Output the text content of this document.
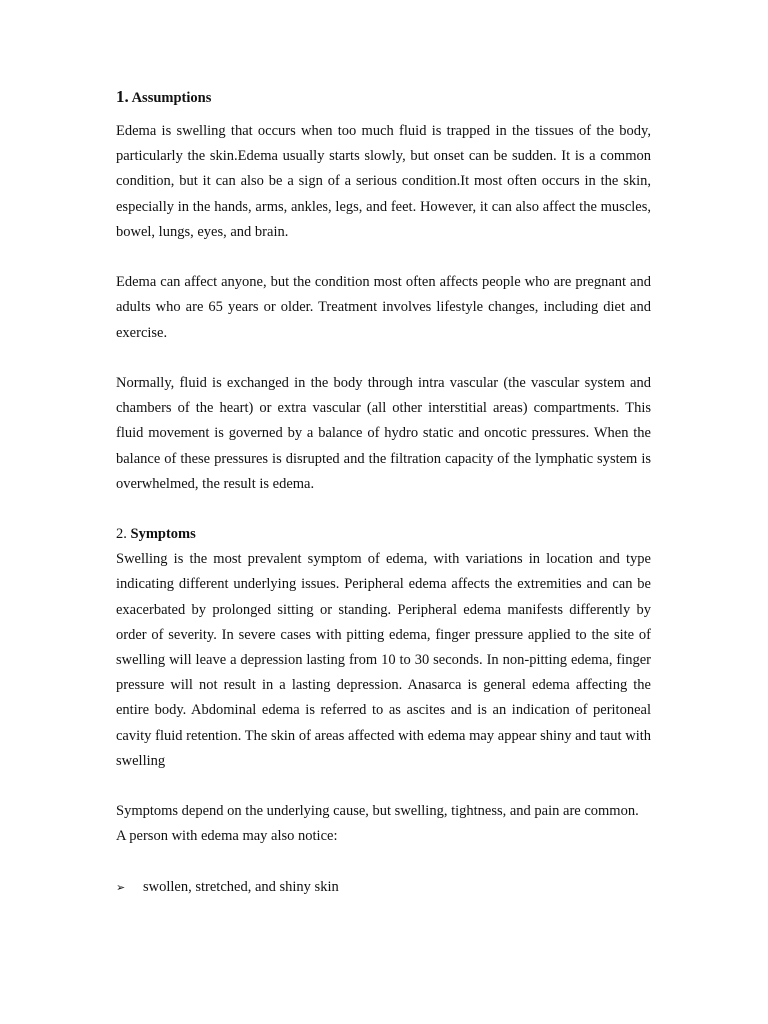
1. Assumptions

Edema is swelling that occurs when too much fluid is trapped in the tissues of the body, particularly the skin.Edema usually starts slowly, but onset can be sudden. It is a common condition, but it can also be a sign of a serious condition.It most often occurs in the skin, especially in the hands, arms, ankles, legs, and feet. However, it can also affect the muscles, bowel, lungs, eyes, and brain.

Edema can affect anyone, but the condition most often affects people who are pregnant and adults who are 65 years or older. Treatment involves lifestyle changes, including diet and exercise.

Normally, fluid is exchanged in the body through intra vascular (the vascular system and chambers of the heart) or extra vascular (all other interstitial areas) compartments. This fluid movement is governed by a balance of hydro static and oncotic pressures. When the balance of these pressures is disrupted and the filtration capacity of the lymphatic system is overwhelmed, the result is edema.

2. Symptoms

Swelling is the most prevalent symptom of edema, with variations in location and type indicating different underlying issues. Peripheral edema affects the extremities and can be exacerbated by prolonged sitting or standing. Peripheral edema manifests differently by order of severity. In severe cases with pitting edema, finger pressure applied to the site of swelling will leave a depression lasting from 10 to 30 seconds. In non-pitting edema, finger pressure will not result in a lasting depression. Anasarca is general edema affecting the entire body. Abdominal edema is referred to as ascites and is an indication of peritoneal cavity fluid retention. The skin of areas affected with edema may appear shiny and taut with swelling

Symptoms depend on the underlying cause, but swelling, tightness, and pain are common.

A person with edema may also notice:

➢	swollen, stretched, and shiny skin
